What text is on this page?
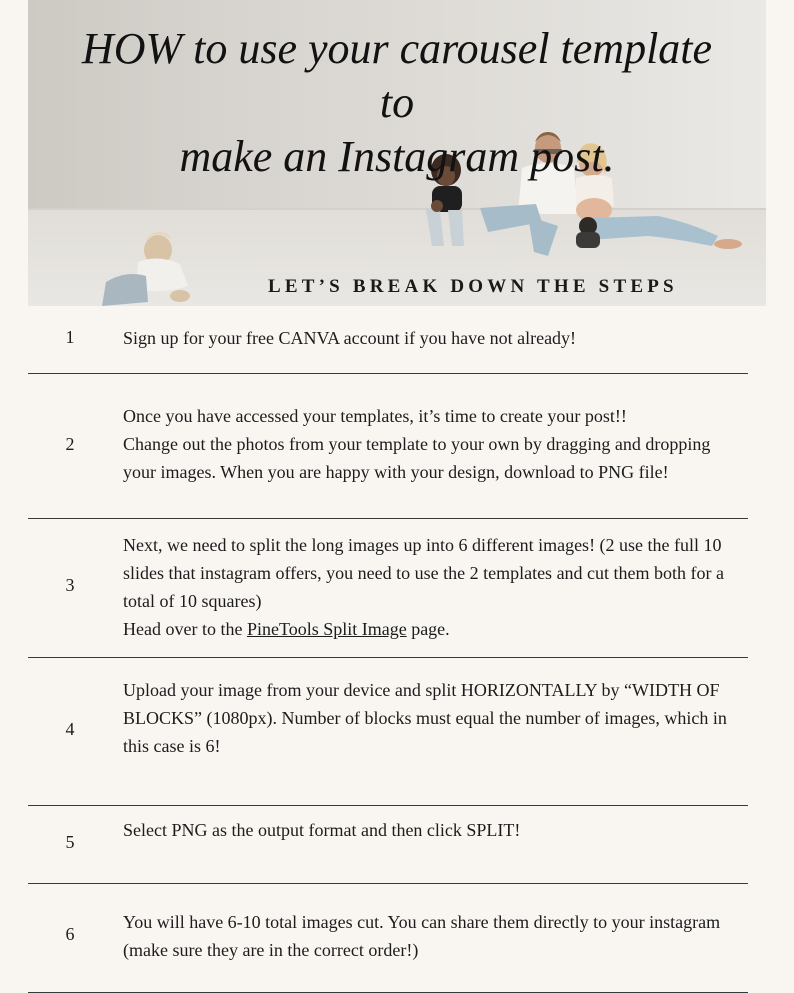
HOW to use your carousel template to
make an Instagram post.
LET’S BREAK DOWN THE STEPS
1	Sign up for your free CANVA account if you have not already!

2

Once you have accessed your templates, it’s time to create your post!!

Change out the photos from your template to your own by dragging and dropping your images. When you are happy with your design, download to PNG file!

3

Next, we need to split the long images up into 6 different images! (2 use the full 10 slides that instagram offers, you need to use the 2 templates and cut them both for a total of 10 squares)

Head over to the PineTools Split Image page.

4

Upload your image from your device and split HORIZONTALLY by “WIDTH OF BLOCKS” (1080px). Number of blocks must equal the number of images, which in this case is 6!

5

Select PNG as the output format and then click SPLIT!

6

You will have 6-10 total images cut. You can share them directly to your instagram (make sure they are in the correct order!)
